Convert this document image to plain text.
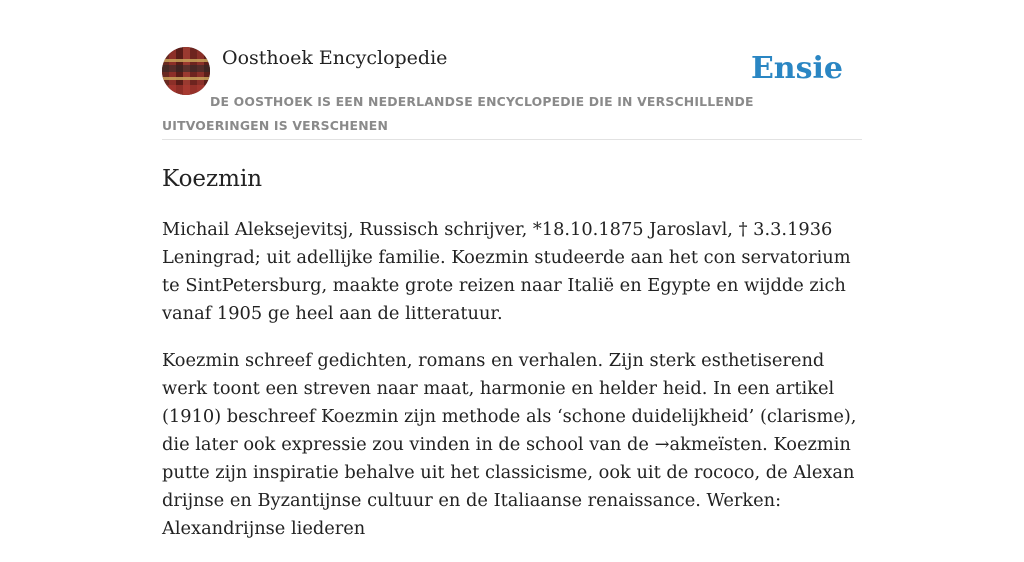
Oosthoek Encyclopedie	Ensie

DE OOSTHOEK IS EEN NEDERLANDSE ENCYCLOPEDIE DIE IN VERSCHILLENDE UITVOERINGEN IS VERSCHENEN

Koezmin

Michail Aleksejevitsj, Russisch schrijver, *18.10.1875 Jaroslavl, † 3.3.1936 Leningrad; uit adellijke familie. Koezmin studeerde aan het con servatorium te SintPetersburg, maakte grote reizen naar Italië en Egypte en wijdde zich vanaf 1905 ge heel aan de litteratuur.

Koezmin schreef gedichten, romans en verhalen. Zijn sterk esthetiserend werk toont een streven naar maat, harmonie en helder heid. In een artikel (1910) beschreef Koezmin zijn methode als ‘schone duidelijkheid’ (clarisme), die later ook expressie zou vinden in de school van de →akmeïsten. Koezmin putte zijn inspiratie behalve uit het classicisme, ook uit de rococo, de Alexan drijnse en Byzantijnse cultuur en de Italiaanse renaissance. Werken: Alexandrijnse liederen
